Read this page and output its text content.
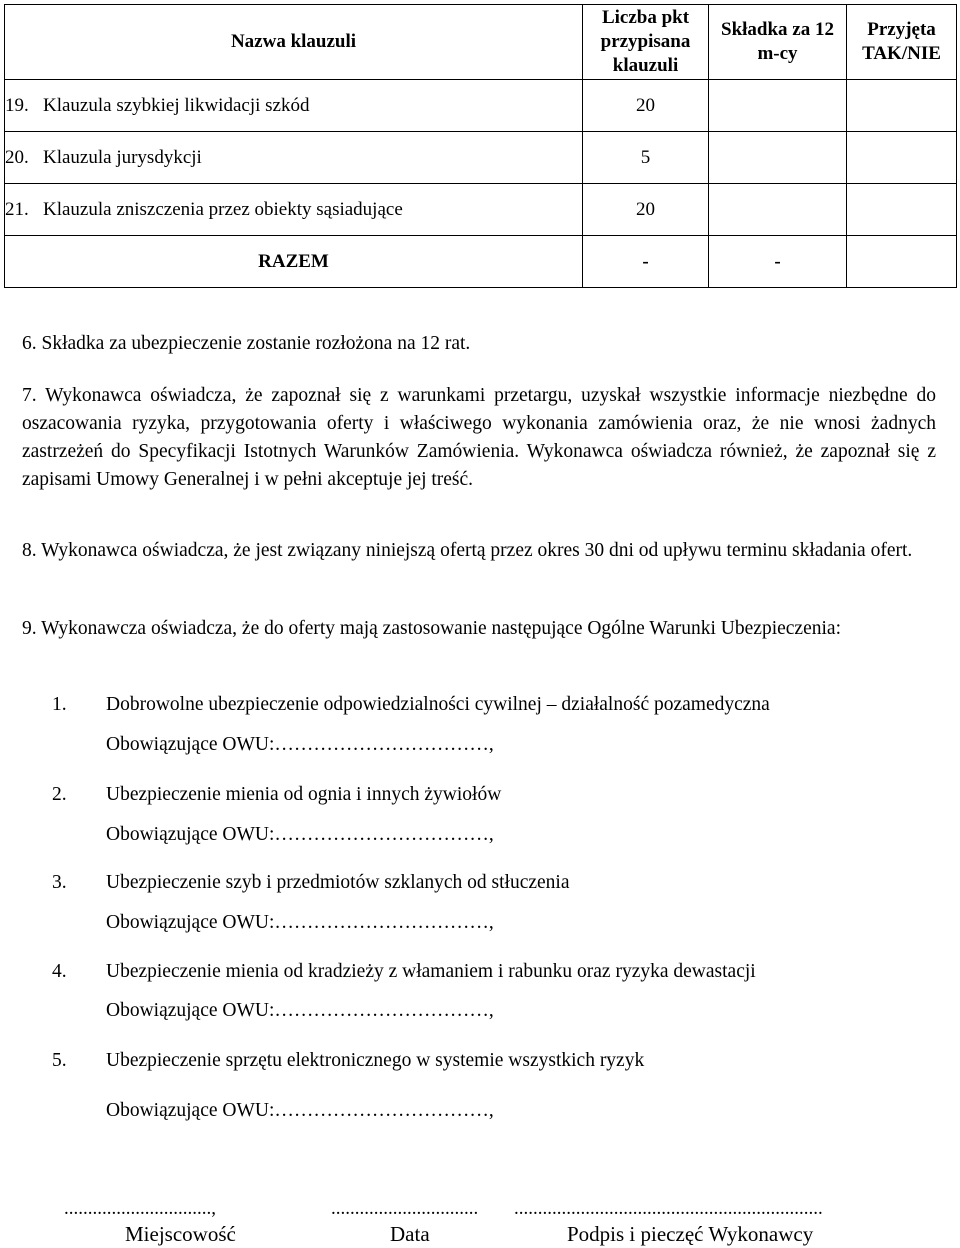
Nazwa klauzuli	Liczba pkt przypisana klauzuli	Składka za 12 m-cy	Przyjęta TAK/NIE
19. Klauzula szybkiej likwidacji szkód	20		
20. Klauzula jurysdykcji	5		
21. Klauzula zniszczenia przez obiekty sąsiadujące	20		
RAZEM	-	-	
6. Składka za ubezpieczenie zostanie rozłożona na 12 rat.
7. Wykonawca oświadcza, że zapoznał się z warunkami przetargu, uzyskał wszystkie informacje niezbędne do oszacowania ryzyka, przygotowania oferty i właściwego wykonania zamówienia oraz, że nie wnosi żadnych zastrzeżeń do Specyfikacji Istotnych Warunków Zamówienia. Wykonawca oświadcza również, że zapoznał się z zapisami Umowy Generalnej i w pełni akceptuje jej treść.
8. Wykonawca oświadcza, że jest związany niniejszą ofertą przez okres 30 dni od upływu terminu składania ofert.
9. Wykonawcza oświadcza, że do oferty mają zastosowanie następujące Ogólne Warunki Ubezpieczenia:
1.	Dobrowolne ubezpieczenie odpowiedzialności cywilnej – działalność pozamedyczna
Obowiązujące OWU:……………………………,
2.	Ubezpieczenie mienia od ognia i innych żywiołów
Obowiązujące OWU:……………………………,
3.	Ubezpieczenie szyb i przedmiotów szklanych od stłuczenia
Obowiązujące OWU:……………………………,
4.	Ubezpieczenie mienia od kradzieży z włamaniem i rabunku oraz ryzyka dewastacji
Obowiązujące OWU:……………………………,
5.	Ubezpieczenie sprzętu elektronicznego w systemie wszystkich ryzyk
Obowiązujące OWU:……………………………,
...............................,	............................... .................................................................
Miejscowość	Data	Podpis i pieczęć Wykonawcy
